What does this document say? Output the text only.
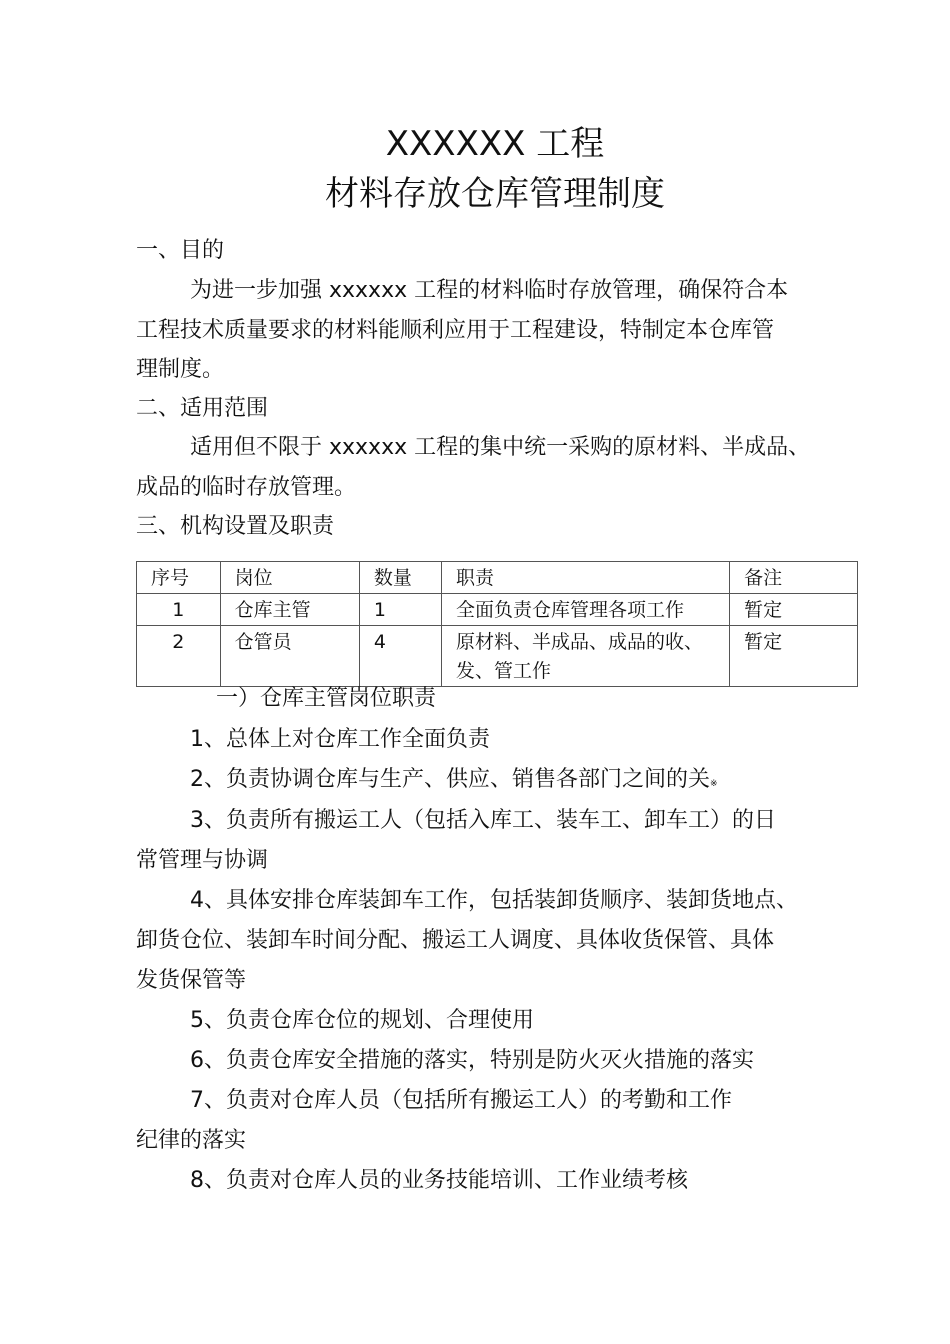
XXXXXX 工程
材料存放仓库管理制度
一、目的
为进一步加强 xxxxxx 工程的材料临时存放管理，确保符合本
工程技术质量要求的材料能顺利应用于工程建设，特制定本仓库管
理制度。
二、适用范围
适用但不限于 xxxxxx 工程的集中统一采购的原材料、半成品、
成品的临时存放管理。
三、机构设置及职责
序号	岗位	数量	职责	备注
1	仓库主管	1	全面负责仓库管理各项工作	暂定
2	仓管员	4	原材料、半成品、成品的收、
发、管工作	暂定
一）仓库主管岗位职责
1、总体上对仓库工作全面负责
2、负责协调仓库与生产、供应、销售各部门之间的关※
3、负责所有搬运工人（包括入库工、装车工、卸车工）的日
常管理与协调
4、具体安排仓库装卸车工作，包括装卸货顺序、装卸货地点、
卸货仓位、装卸车时间分配、搬运工人调度、具体收货保管、具体
发货保管等
5、负责仓库仓位的规划、合理使用
6、负责仓库安全措施的落实，特别是防火灭火措施的落实
7、负责对仓库人员（包括所有搬运工人）的考勤和工作
纪律的落实
8、负责对仓库人员的业务技能培训、工作业绩考核
